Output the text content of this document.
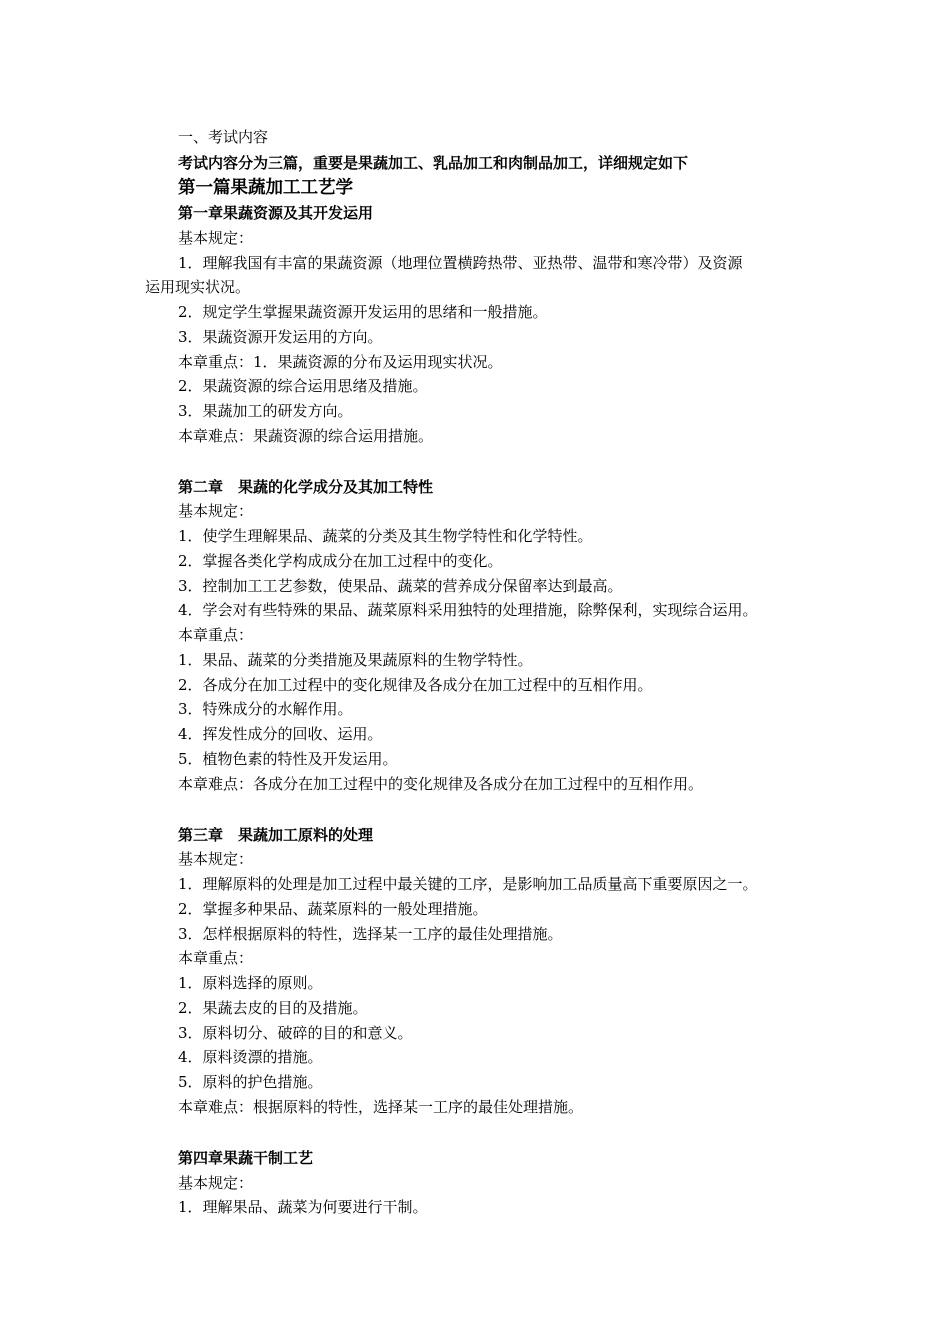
一、考试内容
考试内容分为三篇，重要是果蔬加工、乳品加工和肉制品加工，详细规定如下
第一篇果蔬加工工艺学
第一章果蔬资源及其开发运用
基本规定：
1．理解我国有丰富的果蔬资源（地理位置横跨热带、亚热带、温带和寒冷带）及资源
运用现实状况。
2．规定学生掌握果蔬资源开发运用的思绪和一般措施。
3．果蔬资源开发运用的方向。
本章重点：1．果蔬资源的分布及运用现实状况。
2．果蔬资源的综合运用思绪及措施。
3．果蔬加工的研发方向。
本章难点：果蔬资源的综合运用措施。
第二章　果蔬的化学成分及其加工特性
基本规定：
1．使学生理解果品、蔬菜的分类及其生物学特性和化学特性。
2．掌握各类化学构成成分在加工过程中的变化。
3．控制加工工艺参数，使果品、蔬菜的营养成分保留率达到最高。
4．学会对有些特殊的果品、蔬菜原料采用独特的处理措施，除弊保利，实现综合运用。
本章重点：
1．果品、蔬菜的分类措施及果蔬原料的生物学特性。
2．各成分在加工过程中的变化规律及各成分在加工过程中的互相作用。
3．特殊成分的水解作用。
4．挥发性成分的回收、运用。
5．植物色素的特性及开发运用。
本章难点：各成分在加工过程中的变化规律及各成分在加工过程中的互相作用。
第三章　果蔬加工原料的处理
基本规定：
1．理解原料的处理是加工过程中最关键的工序，是影响加工品质量高下重要原因之一。
2．掌握多种果品、蔬菜原料的一般处理措施。
3．怎样根据原料的特性，选择某一工序的最佳处理措施。
本章重点：
1．原料选择的原则。
2．果蔬去皮的目的及措施。
3．原料切分、破碎的目的和意义。
4．原料烫漂的措施。
5．原料的护色措施。
本章难点：根据原料的特性，选择某一工序的最佳处理措施。
第四章果蔬干制工艺
基本规定：
1．理解果品、蔬菜为何要进行干制。
